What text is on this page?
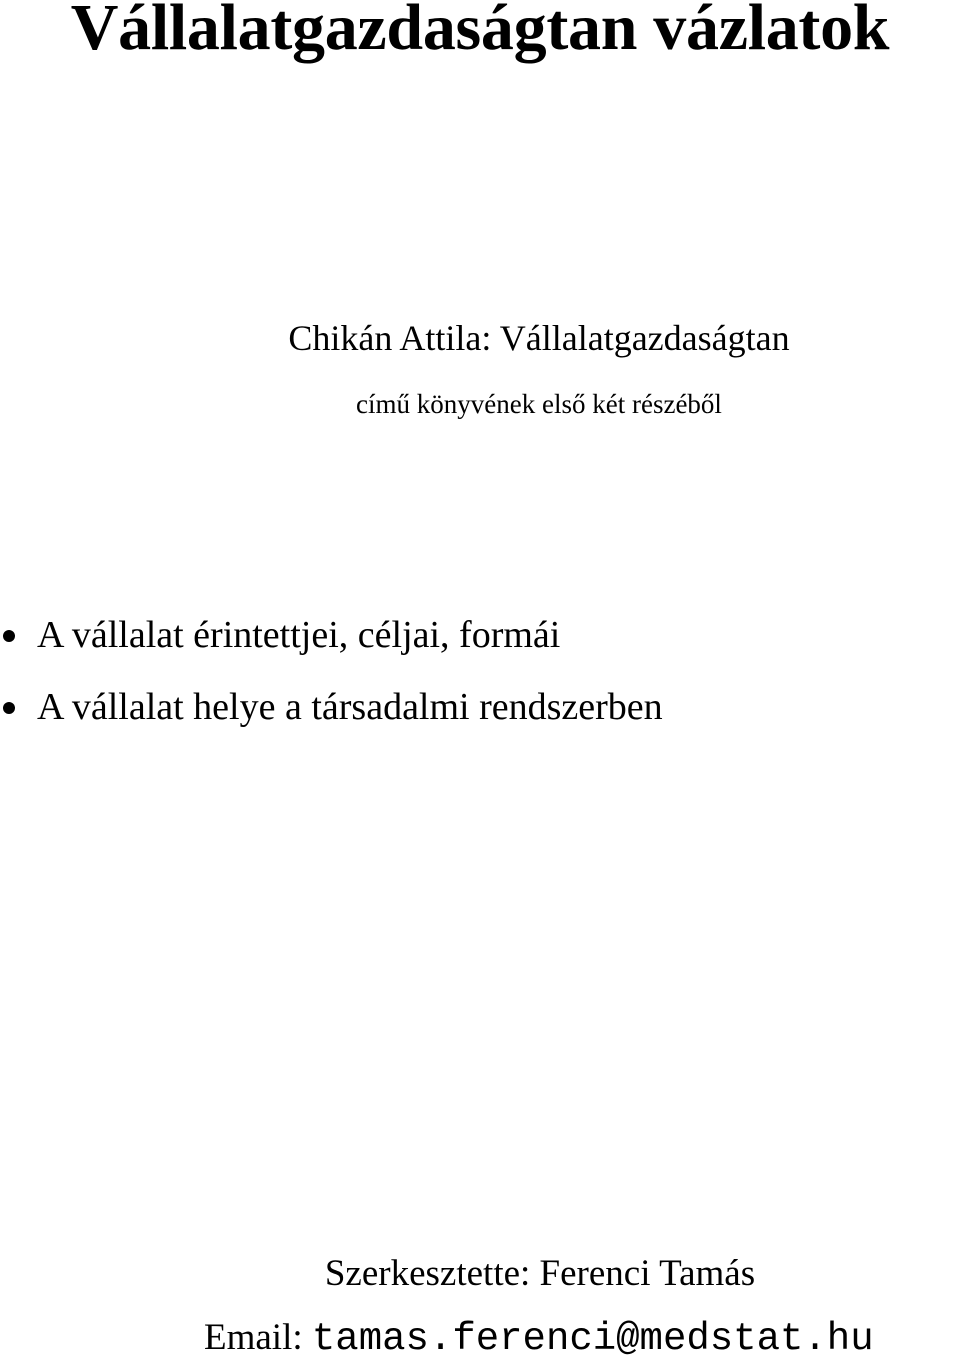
Vállalatgazdaságtan vázlatok
Chikán Attila: Vállalatgazdaságtan
című könyvének első két részéből
A vállalat érintettjei, céljai, formái
A vállalat helye a társadalmi rendszerben
Szerkesztette: Ferenci Tamás
Email: tamas.ferenci@medstat.hu
